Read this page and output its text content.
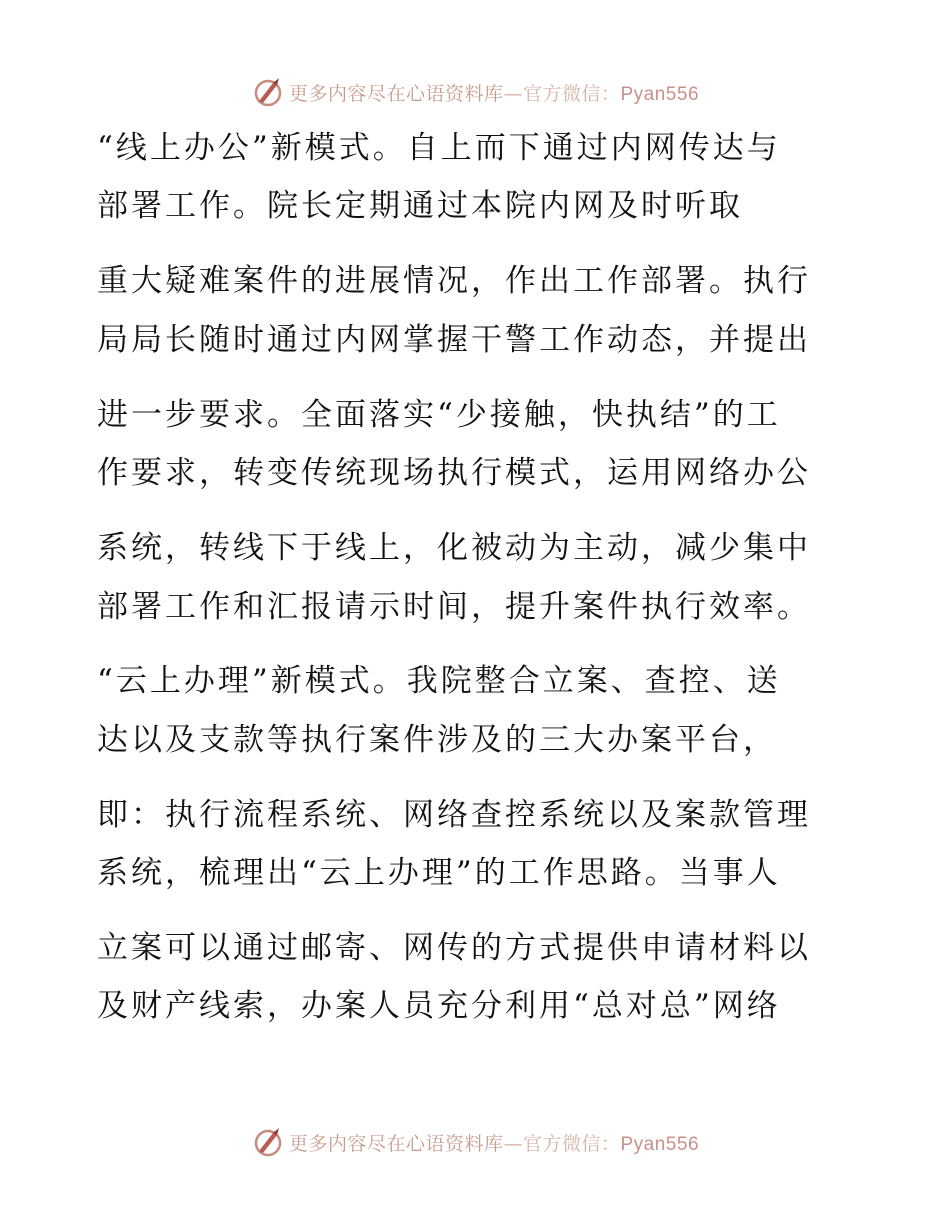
更多内容尽在心语资料库—官方微信：Pyan556
“线上办公”新模式。自上而下通过内网传达与
部署工作。院长定期通过本院内网及时听取
重大疑难案件的进展情况，作出工作部署。执行
局局长随时通过内网掌握干警工作动态，并提出
进一步要求。全面落实“少接触，快执结”的工
作要求，转变传统现场执行模式，运用网络办公
系统，转线下于线上，化被动为主动，减少集中
部署工作和汇报请示时间，提升案件执行效率。
“云上办理”新模式。我院整合立案、查控、送
达以及支款等执行案件涉及的三大办案平台，
即：执行流程系统、网络查控系统以及案款管理
系统，梳理出“云上办理”的工作思路。当事人
立案可以通过邮寄、网传的方式提供申请材料以
及财产线索，办案人员充分利用“总对总”网络
更多内容尽在心语资料库—官方微信：Pyan556
